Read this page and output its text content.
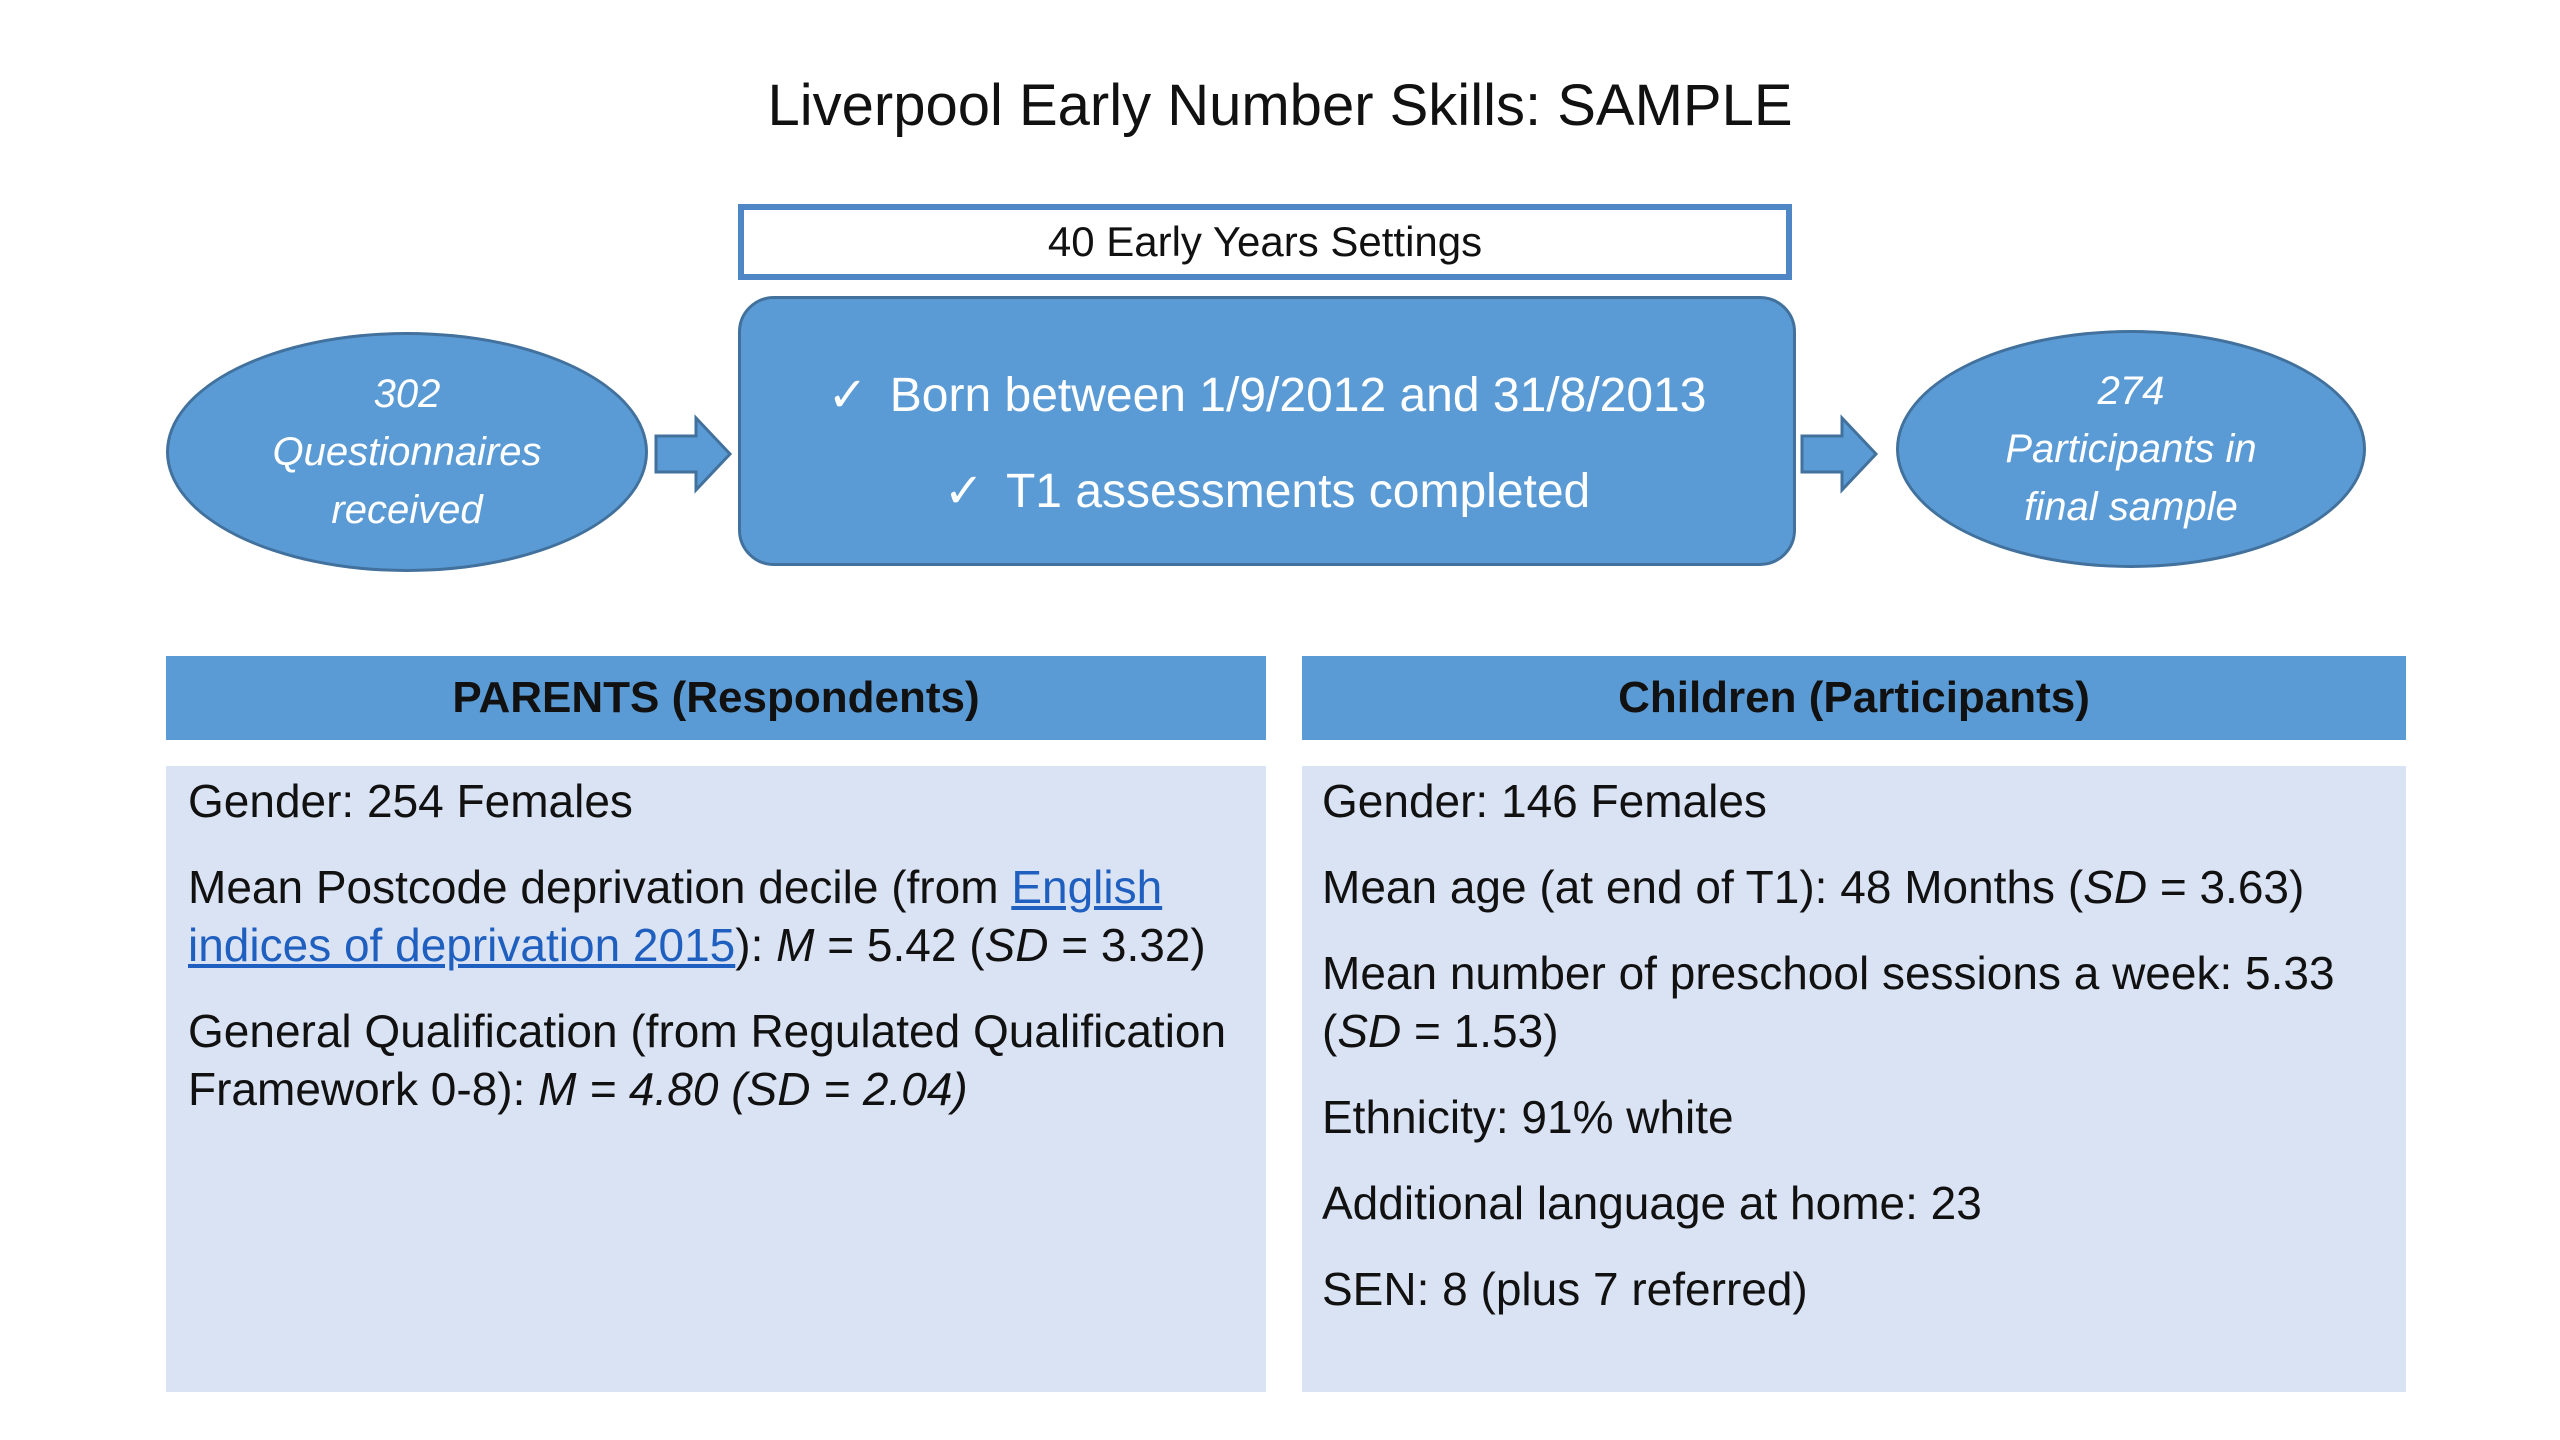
Liverpool Early Number Skills: SAMPLE
40 Early Years Settings
302
Questionnaires
received
✓ Born between 1/9/2012 and 31/8/2013
✓ T1 assessments completed
274
Participants in
final sample
PARENTS (Respondents)	Children (Participants)
Gender: 254 Females
Mean Postcode deprivation decile (from English indices of deprivation 2015): M = 5.42 (SD = 3.32)
General Qualification (from Regulated Qualification Framework 0-8): M = 4.80 (SD = 2.04)
Gender: 146 Females
Mean age (at end of T1): 48 Months (SD = 3.63)
Mean number of preschool sessions a week: 5.33 (SD = 1.53)
Ethnicity: 91% white
Additional language at home: 23
SEN: 8 (plus 7 referred)
